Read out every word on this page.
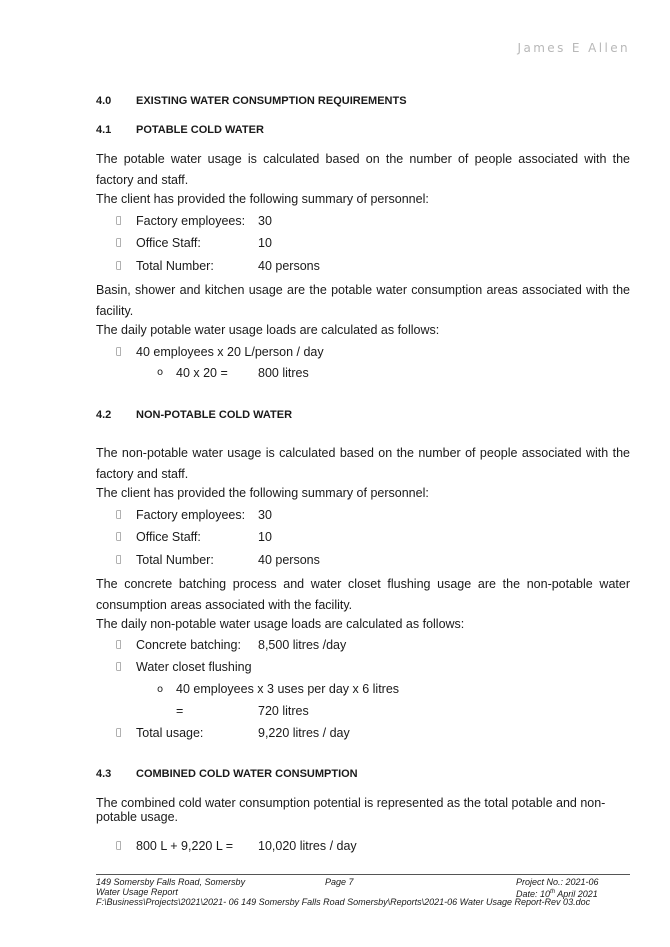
James E Allen
4.0 EXISTING WATER CONSUMPTION REQUIREMENTS
4.1 POTABLE COLD WATER
The potable water usage is calculated based on the number of people associated with the factory and staff.
The client has provided the following summary of personnel:
Factory employees: 30
Office Staff:	10
Total Number:	40 persons
Basin, shower and kitchen usage are the potable water consumption areas associated with the facility.
The daily potable water usage loads are calculated as follows:
40 employees x 20 L/person / day
o 40 x 20 = 800 litres
4.2 NON-POTABLE COLD WATER
The non-potable water usage is calculated based on the number of people associated with the factory and staff.
The client has provided the following summary of personnel:
Factory employees: 30
Office Staff:	10
Total Number:	40 persons
The concrete batching process and water closet flushing usage are the non-potable water consumption areas associated with the facility.
The daily non-potable water usage loads are calculated as follows:
Concrete batching: 8,500 litres /day
Water closet flushing
o 40 employees x 3 uses per day x 6 litres
=	720 litres
Total usage:	9,220 litres / day
4.3 COMBINED COLD WATER CONSUMPTION
The combined cold water consumption potential is represented as the total potable and non-potable usage.
800 L + 9,220 L = 10,020 litres / day
149 Somersby Falls Road, Somersby
Water Usage Report
F:\Business\Projects\2021\2021- 06 149 Somersby Falls Road Somersby\Reports\2021-06 Water Usage Report-Rev 03.doc
Page 7	Project No.: 2021-06
Date: 10th April 2021
